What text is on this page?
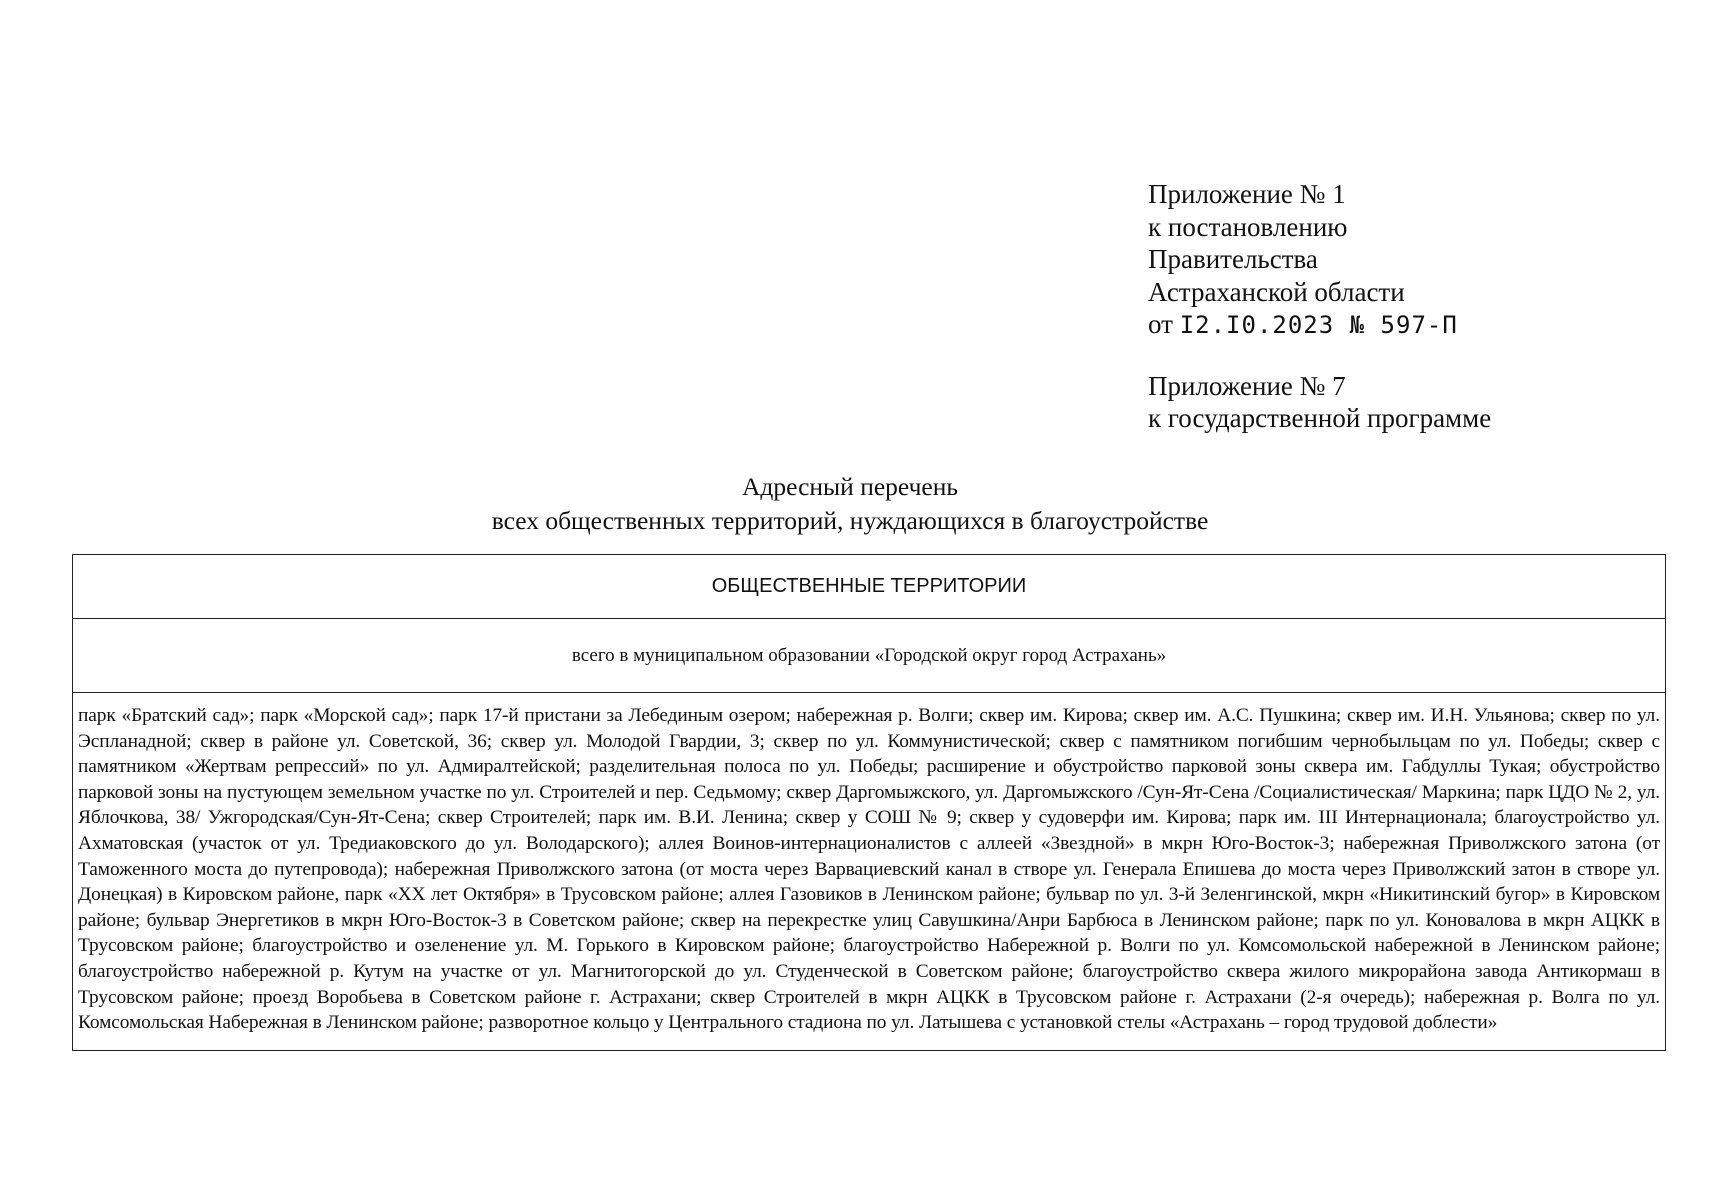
Приложение № 1
к постановлению
Правительства
Астраханской области
от I2.I0.2023 № 597-П
Приложение № 7
к государственной программе
Адресный перечень
всех общественных территорий, нуждающихся в благоустройстве
ОБЩЕСТВЕННЫЕ ТЕРРИТОРИИ
всего в муниципальном образовании «Городской округ город Астрахань»
парк «Братский сад»; парк «Морской сад»; парк 17-й пристани за Лебединым озером; набережная р. Волги; сквер им. Кирова; сквер им. А.С. Пушкина; сквер им. И.Н. Ульянова; сквер по ул. Эспланадной; сквер в районе ул. Советской, 36; сквер ул. Молодой Гвардии, 3; сквер по ул. Коммунистической; сквер с памятником погибшим чернобыльцам по ул. Победы; сквер с памятником «Жертвам репрессий» по ул. Адмиралтейской; разделительная полоса по ул. Победы; расширение и обустройство парковой зоны сквера им. Габдуллы Тукая; обустройство парковой зоны на пустующем земельном участке по ул. Строителей и пер. Седьмому; сквер Даргомыжского, ул. Даргомыжского /Сун-Ят-Сена /Социалистическая/ Маркина; парк ЦДО № 2, ул. Яблочкова, 38/ Ужгородская/Сун-Ят-Сена; сквер Строителей; парк им. В.И. Ленина; сквер у СОШ № 9; сквер у судоверфи им. Кирова; парк им. III Интернационала; благоустройство ул. Ахматовская (участок от ул. Тредиаковского до ул. Володарского); аллея Воинов-интернационалистов с аллеей «Звездной» в мкрн Юго-Восток-3; набережная Приволжского затона (от Таможенного моста до путепровода); набережная Приволжского затона (от моста через Варвациевский канал в створе ул. Генерала Епишева до моста через Приволжский затон в створе ул. Донецкая) в Кировском районе, парк «XX лет Октября» в Трусовском районе; аллея Газовиков в Ленинском районе; бульвар по ул. 3-й Зеленгинской, мкрн «Никитинский бугор» в Кировском районе; бульвар Энергетиков в мкрн Юго-Восток-3 в Советском районе; сквер на перекрестке улиц Савушкина/Анри Барбюса в Ленинском районе; парк по ул. Коновалова в мкрн АЦКК в Трусовском районе; благоустройство и озеленение ул. М. Горького в Кировском районе; благоустройство Набережной р. Волги по ул. Комсомольской набережной в Ленинском районе; благоустройство набережной р. Кутум на участке от ул. Магнитогорской до ул. Студенческой в Советском районе; благоустройство сквера жилого микрорайона завода Антикормаш в Трусовском районе; проезд Воробьева в Советском районе г. Астрахани; сквер Строителей в мкрн АЦКК в Трусовском районе г. Астрахани (2-я очередь); набережная р. Волга по ул. Комсомольская Набережная в Ленинском районе; разворотное кольцо у Центрального стадиона по ул. Латышева с установкой стелы «Астрахань – город трудовой доблести»
